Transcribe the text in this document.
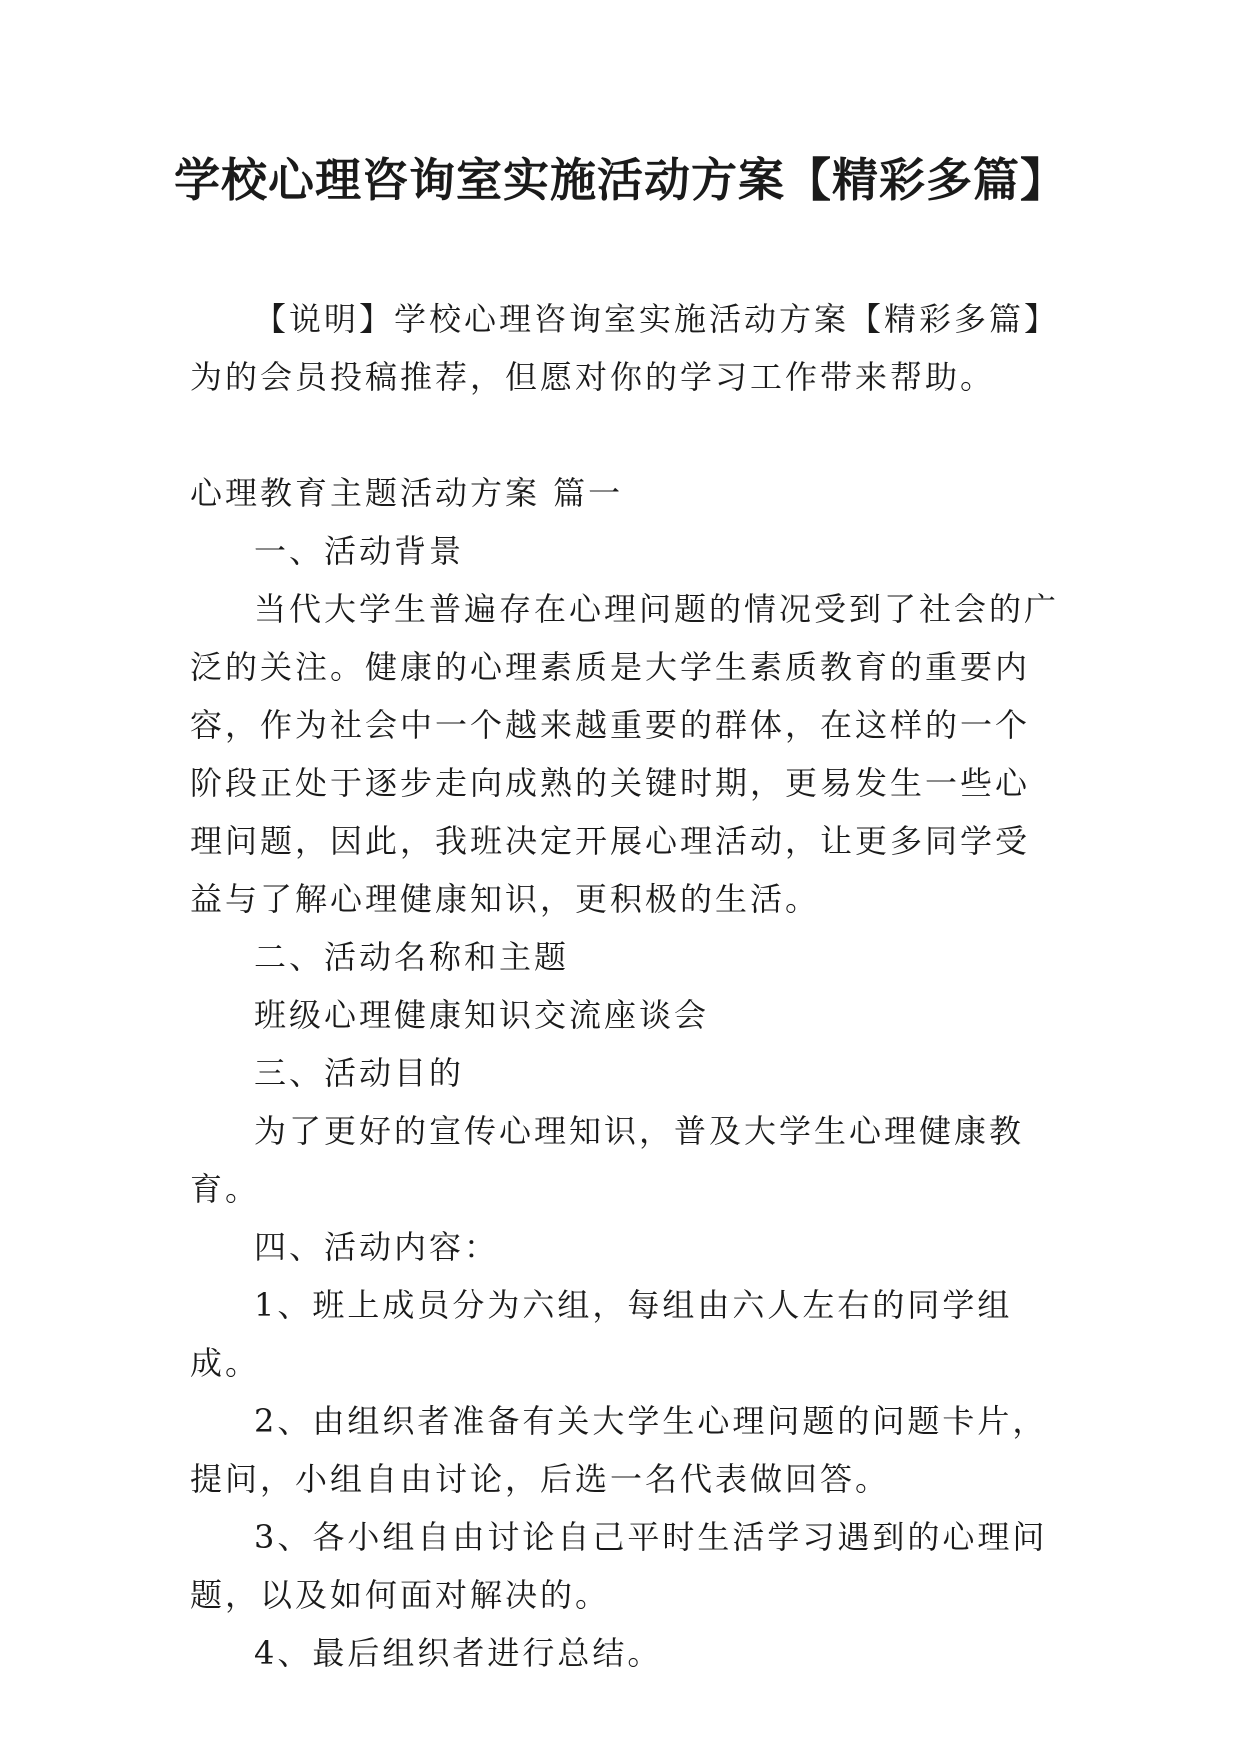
学校心理咨询室实施活动方案【精彩多篇】

【说明】学校心理咨询室实施活动方案【精彩多篇】为的会员投稿推荐，但愿对你的学习工作带来帮助。

心理教育主题活动方案 篇一

一、活动背景

当代大学生普遍存在心理问题的情况受到了社会的广泛的关注。健康的心理素质是大学生素质教育的重要内容，作为社会中一个越来越重要的群体，在这样的一个阶段正处于逐步走向成熟的关键时期，更易发生一些心理问题，因此，我班决定开展心理活动，让更多同学受益与了解心理健康知识，更积极的生活。

二、活动名称和主题

班级心理健康知识交流座谈会

三、活动目的

为了更好的宣传心理知识，普及大学生心理健康教育。

四、活动内容：

1、班上成员分为六组，每组由六人左右的同学组成。

2、由组织者准备有关大学生心理问题的问题卡片，提问，小组自由讨论，后选一名代表做回答。

3、各小组自由讨论自己平时生活学习遇到的心理问题，以及如何面对解决的。

4、最后组织者进行总结。
